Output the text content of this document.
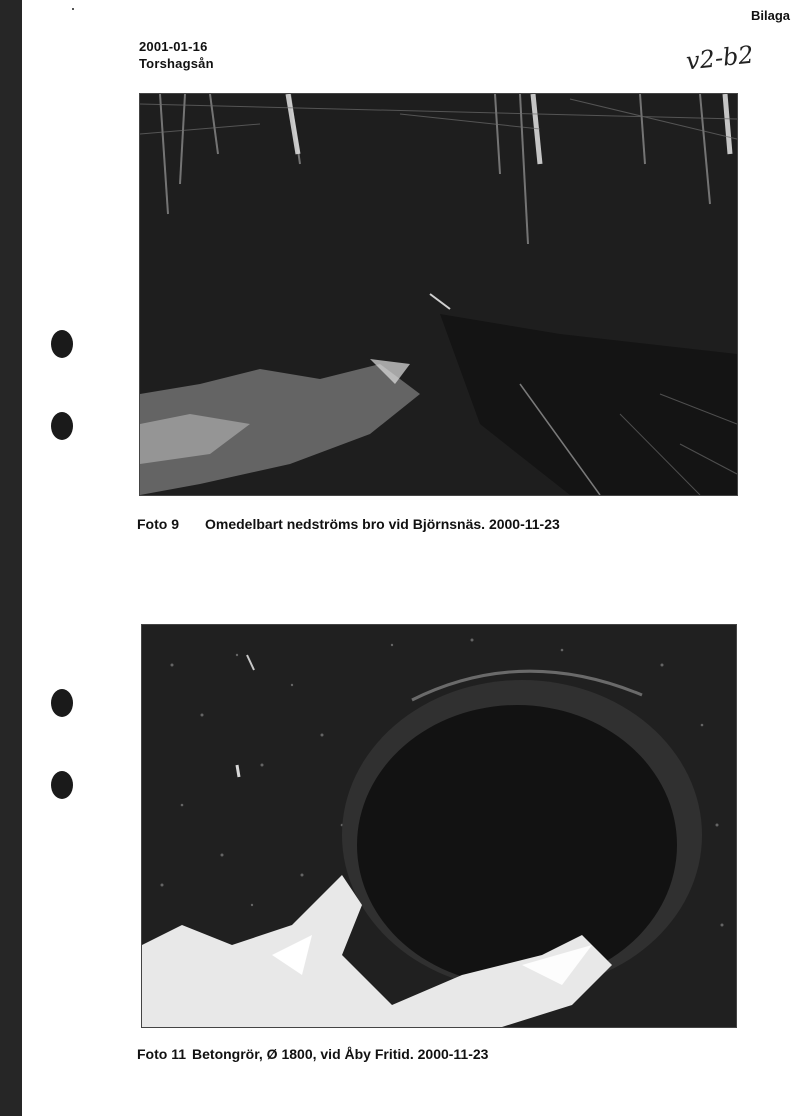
Bilaga
2001-01-16
Torshagsån	v2-b2
Foto 9 Omedelbart nedströms bro vid Björnsnäs. 2000-11-23
Foto 11 Betongrör, Ø 1800, vid Åby Fritid. 2000-11-23
